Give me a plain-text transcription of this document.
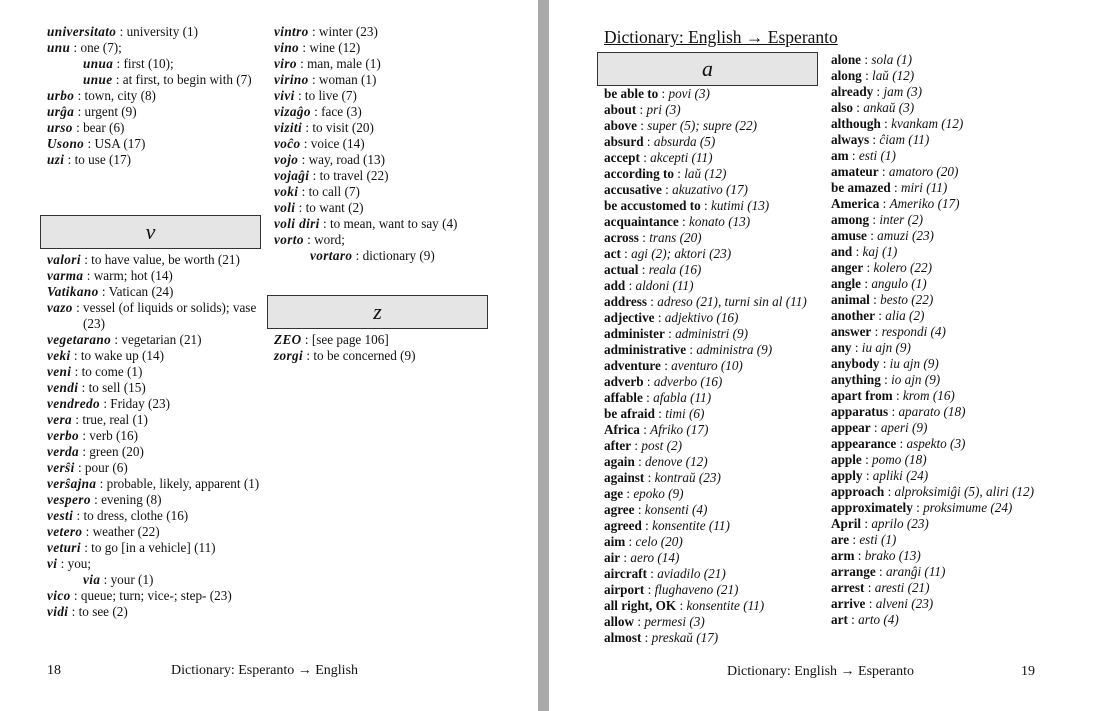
universitato : university (1)
unu : one (7);
unua : first (10);
unue : at first, to begin with (7)
urbo : town, city (8)
urĝa : urgent (9)
urso : bear (6)
Usono : USA (17)
uzi : to use (17)
v
valori : to have value, be worth (21)
varma : warm; hot (14)
Vatikano : Vatican (24)
vazo : vessel (of liquids or solids); vase (23)
vegetarano : vegetarian (21)
veki : to wake up (14)
veni : to come (1)
vendi : to sell (15)
vendredo : Friday (23)
vera : true, real (1)
verbo : verb (16)
verda : green (20)
verŝi : pour (6)
verŝajna : probable, likely, apparent (1)
vespero : evening (8)
vesti : to dress, clothe (16)
vetero : weather (22)
veturi : to go [in a vehicle] (11)
vi : you;
via : your (1)
vico : queue; turn; vice-; step- (23)
vidi : to see (2)
vintro : winter (23)
vino : wine (12)
viro : man, male (1)
virino : woman (1)
vivi : to live (7)
vizaĝo : face (3)
viziti : to visit (20)
voĉo : voice (14)
vojo : way, road (13)
vojaĝi : to travel (22)
voki : to call (7)
voli : to want (2)
voli diri : to mean, want to say (4)
vorto : word;
vortaro : dictionary (9)
z
ZEO : [see page 106]
zorgi : to be concerned (9)
18	Dictionary: Esperanto → English
Dictionary: English → Esperanto
a
be able to : povi (3)
about : pri (3)
above : super (5); supre (22)
absurd : absurda (5)
accept : akcepti (11)
according to : laŭ (12)
accusative : akuzativo (17)
be accustomed to : kutimi (13)
acquaintance : konato (13)
across : trans (20)
act : agi (2); aktori (23)
actual : reala (16)
add : aldoni (11)
address : adreso (21), turni sin al (11)
adjective : adjektivo (16)
administer : administri (9)
administrative : administra (9)
adventure : aventuro (10)
adverb : adverbo (16)
affable : afabla (11)
be afraid : timi (6)
Africa : Afriko (17)
after : post (2)
again : denove (12)
against : kontraŭ (23)
age : epoko (9)
agree : konsenti (4)
agreed : konsentite (11)
aim : celo (20)
air : aero (14)
aircraft : aviadilo (21)
airport : flughaveno (21)
all right, OK : konsentite (11)
allow : permesi (3)
almost : preskaŭ (17)
alone : sola (1)
along : laŭ (12)
already : jam (3)
also : ankaŭ (3)
although : kvankam (12)
always : ĉiam (11)
am : esti (1)
amateur : amatoro (20)
be amazed : miri (11)
America : Ameriko (17)
among : inter (2)
amuse : amuzi (23)
and : kaj (1)
anger : kolero (22)
angle : angulo (1)
animal : besto (22)
another : alia (2)
answer : respondi (4)
any : iu ajn (9)
anybody : iu ajn (9)
anything : io ajn (9)
apart from : krom (16)
apparatus : aparato (18)
appear : aperi (9)
appearance : aspekto (3)
apple : pomo (18)
apply : apliki (24)
approach : alproksimiĝi (5), aliri (12)
approximately : proksimume (24)
April : aprilo (23)
are : esti (1)
arm : brako (13)
arrange : aranĝi (11)
arrest : aresti (21)
arrive : alveni (23)
art : arto (4)
Dictionary: English → Esperanto	19
